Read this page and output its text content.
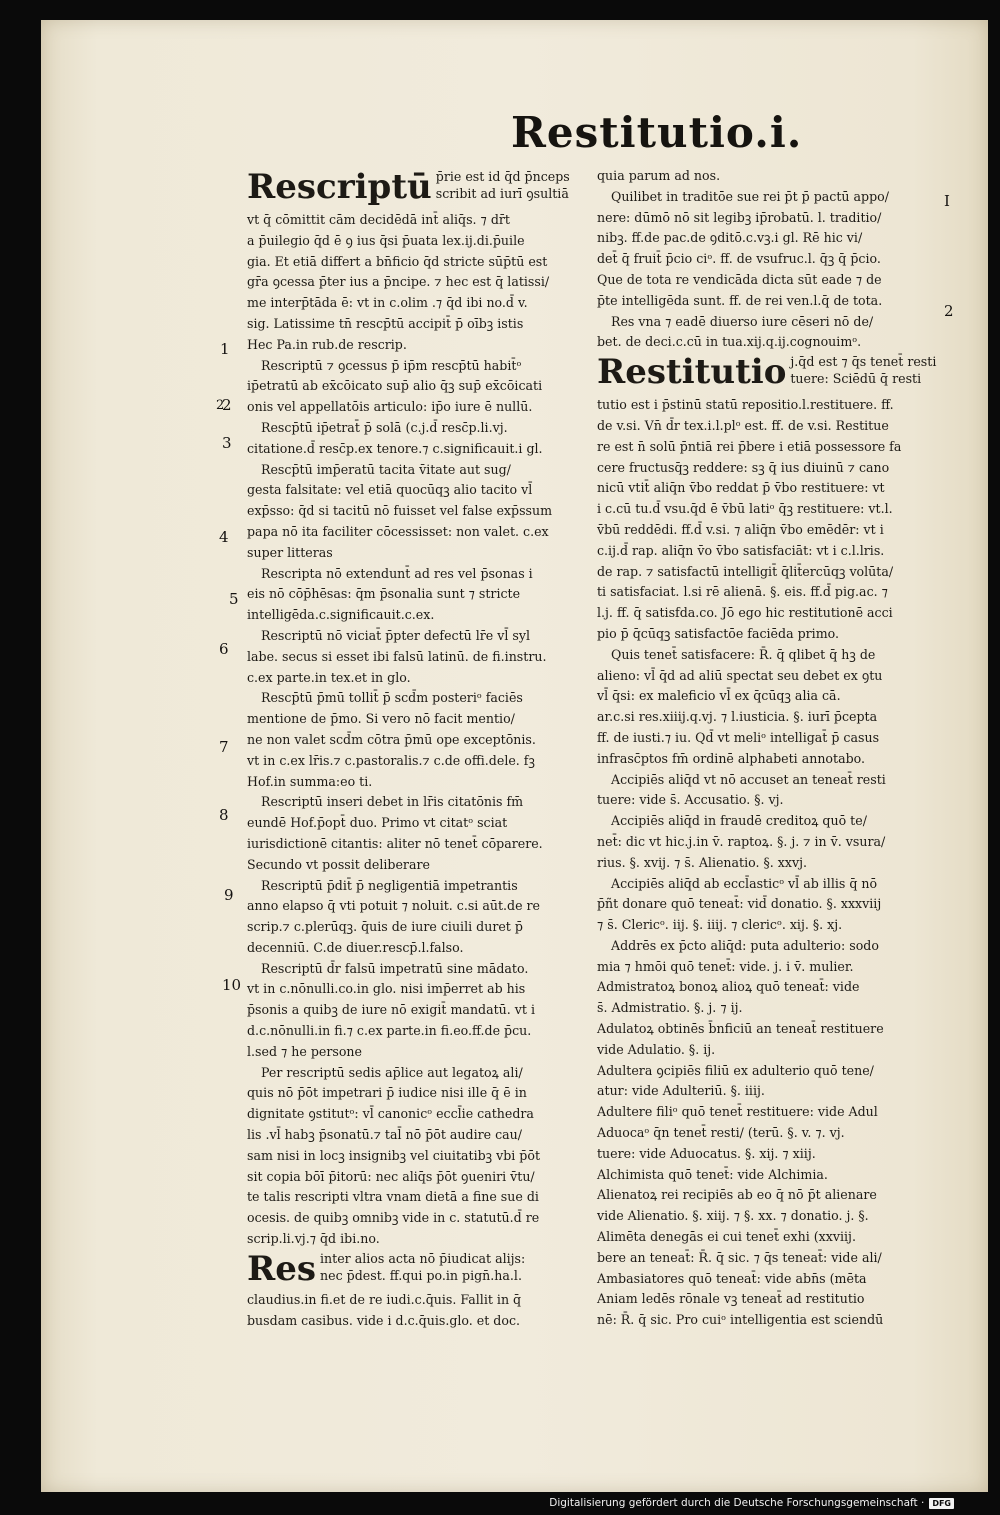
Restitutio.i.
I
2
2
1
2
3
4
5
6
7
8
9
10
Rescriptū p̄rie est id q̄d p̄nceps
scribit ad iurī ꝯsultiā
vt q̄ cōmittit cām decidēdā int̄ aliq̄s. ⁊ dr̄t
a p̄uilegio q̄d ē ꝯ ius q̄si p̄uata lex.ij.di.p̄uile
gia. Et etiā differt a bn̄ficio q̄d stricte sūp̄tū est
gr̄a ꝯcessa p̄ter ius a p̄ncipe. ⁊ hec est q̄ latissi/
me interp̄tāda ē: vt in c.olim .⁊ q̄d ibi no.d̄ v.
sig. Latissime tn̄ rescp̄tū accipit̄ p̄ oībꝫ istis
Hec Pa.in rub.de rescrip.
Rescriptū ⁊ ꝯcessus p̄ ip̄m rescp̄tū habit̄ᵒ
ip̄etratū ab ex̄cōicato sup̄ alio q̄ꝫ sup̄ ex̄cōicati
onis vel appellatōis articulo: ip̄o iure ē nullū.
Rescp̄tū ip̄etrat̄ p̄ solā (c.j.d̄ resc̄p.li.vj.
citatione.d̄ resc̄p.ex tenore.⁊ c.significauit.i gl.
Rescp̄tū imp̄eratū tacita v̄itate aut sug/
gesta falsitate: vel etiā quocūqꝫ alio tacito vl̄
exp̄sso: q̄d si tacitū nō fuisset vel false exp̄ssum
papa nō ita faciliter cōcessisset: non valet. c.ex
super litteras
Rescripta nō extendunt̄ ad res vel p̄sonas i
eis nō cōp̄hēsas: q̄m p̄sonalia sunt ⁊ stricte
intelligēda.c.significauit.c.ex.
Rescriptū nō viciat̄ p̄pter defectū lr̄e vl̄ syl
labe. secus si esset ibi falsū latinū. de fi.instru.
c.ex parte.in tex.et in glo.
Rescp̄tū p̄mū tollit̄ p̄ scd̄m posteriᵒ faciēs
mentione de p̄mo. Si vero nō facit mentio/
ne non valet scd̄m cōtra p̄mū ope exceptōnis.
vt in c.ex lr̄is.⁊ c.pastoralis.⁊ c.de offi.dele. fꝫ
Hof.in summa:eo ti.
Rescriptū inseri debet in lr̄is citatōnis fm̄
eundē Hof.p̄opt̄ duo. Primo vt citatᵒ sciat
iurisdictionē citantis: aliter nō tenet̄ cōparere.
Secundo vt possit deliberare
Rescriptū p̄dit̄ p̄ negligentiā impetrantis
anno elapso q̄ vti potuit ⁊ noluit. c.si aūt.de re
scrip.⁊ c.plerūqꝫ. q̄uis de iure ciuili duret p̄
decenniū. C.de diuer.rescp̄.l.falso.
Rescriptū d̄r falsū impetratū sine mādato.
vt in c.nōnulli.co.in glo. nisi imp̄erret ab his
p̄sonis a quibꝫ de iure nō exigit̄ mandatū. vt i
d.c.nōnulli.in fi.⁊ c.ex parte.in fi.eo.ff.de p̄cu.
l.sed ⁊ he persone
Per rescriptū sedis ap̄lice aut legatoꝝ ali/
quis nō p̄ōt impetrari p̄ iudice nisi ille q̄ ē in
dignitate ꝯstitutᵒ: vl̄ canonicᵒ eccl̄ie cathedra
lis .vl̄ habꝫ p̄sonatū.⁊ tal̄ nō p̄ōt audire cau/
sam nisi in locꝫ insignibꝫ vel ciuitatibꝫ vbi p̄ōt
sit copia bōī p̄itorū: nec aliq̄s p̄ōt ꝯueniri v̄tu/
te talis rescripti vltra vnam dietā a fine sue di
ocesis. de quibꝫ omnibꝫ vide in c. statutū.d̄ re
scrip.li.vj.⁊ q̄d ibi.no.
Res inter alios acta nō p̄iudicat alijs:
nec p̄dest. ff.qui po.in pign̄.ha.l.
claudius.in fi.et de re iudi.c.q̄uis. Fallit in q̄
busdam casibus. vide i d.c.q̄uis.glo. et doc.
quia parum ad nos.
Quilibet in traditōe sue rei p̄t p̄ pactū appo/
nere: dūmō nō sit legibꝫ ip̄robatū. l. traditio/
nibꝫ. ff.de pac.de ꝯditō.c.vꝫ.i gl. Rē hic vi/
det̄ q̄ fruit̄ p̄cio ciᵒ. ff. de vsufruc.l. q̄ꝫ q̄ p̄cio.
Que de tota re vendicāda dicta sūt eade ⁊ de
p̄te intelligēda sunt. ff. de rei ven.l.q̄ de tota.
Res vna ⁊ eadē diuerso iure cēseri nō de/
bet. de deci.c.cū in tua.xij.q.ij.cognouimᵒ.
Restitutio j.q̄d est ⁊ q̄s tenet̄ resti
tuere: Sciēdū q̄ resti
tutio est i p̄stinū statū repositio.l.restituere. ff.
de v.si. Vn̄ d̄r tex.i.l.plᵒ est. ff. de v.si. Restitue
re est n̄ solū p̄ntiā rei p̄bere i etiā possessore fa
cere fructusq̄ꝫ reddere: sꝫ q̄ ius diuinū ⁊ cano
nicū vtit̄ aliq̄n v̄bo reddat p̄ v̄bo restituere: vt
i c.cū tu.d̄ vsu.q̄d ē v̄bū latiᵒ q̄ꝫ restituere: vt.l.
v̄bū reddēdi. ff.d̄ v.si. ⁊ aliq̄n v̄bo emēdēr: vt i
c.ij.d̄ rap. aliq̄n v̄o v̄bo satisfaciāt: vt i c.l.lris.
de rap. ⁊ satisfactū intelligit̄ q̄lit̄ercūqꝫ volūta/
ti satisfaciat. l.si rē alienā. §. eis. ff.d̄ pig.ac. ⁊
l.j. ff. q̄ satisfda.co. Jō ego hic restitutionē acci
pio p̄ q̄cūqꝫ satisfactōe faciēda primo.
Quis tenet̄ satisfacere: R̄. q̄ qlibet q̄ hꝫ de
alieno: vl̄ q̄d ad aliū spectat seu debet ex ꝯtu
vl̄ q̄si: ex maleficio vl̄ ex q̄cūqꝫ alia cā.
ar.c.si res.xiiij.q.vj. ⁊ l.iusticia. §. iurī p̄cepta
ff. de iusti.⁊ iu. Qd̄ vt meliᵒ intelligat̄ p̄ casus
infrasc̄ptos fm̄ ordinē alphabeti annotabo.
Accipiēs aliq̄d vt nō accuset an teneat̄ resti
tuere: vide s̄. Accusatio. §. vj.
Accipiēs aliq̄d in fraudē creditoꝝ quō te/
net̄: dic vt hic.j.in v̄. raptoꝝ. §. j. ⁊ in v̄. vsura/
rius. §. xvij. ⁊ s̄. Alienatio. §. xxvj.
Accipiēs aliq̄d ab eccl̄asticᵒ vl̄ ab illis q̄ nō
p̄ñt donare quō teneat̄: vid̄ donatio. §. xxxviij
⁊ s̄. Clericᵒ. iij. §. iiij. ⁊ clericᵒ. xij. §. xj.
Addrēs ex p̄cto aliq̄d: puta adulterio: sodo
mia ⁊ hmōi quō tenet̄: vide. j. i v̄. mulier.
Admistratoꝝ bonoꝝ alioꝝ quō teneat̄: vide
s̄. Admistratio. §. j. ⁊ ij.
Adulatoꝝ obtinēs b̄nficiū an teneat̄ restituere
vide Adulatio. §. ij.
Adultera ꝯcipiēs filiū ex adulterio quō tene/
atur: vide Adulteriū. §. iiij.
Adultere filiᵒ quō tenet̄ restituere: vide Adul
Aduocaᵒ q̄n tenet̄ resti/ (terū. §. v. ⁊. vj.
tuere: vide Aduocatus. §. xij. ⁊ xiij.
Alchimista quō tenet̄: vide Alchimia.
Alienatoꝝ rei recipiēs ab eo q̄ nō p̄t alienare
vide Alienatio. §. xiij. ⁊ §. xx. ⁊ donatio. j. §.
Alimēta denegās ei cui tenet̄ exhi (xxviij.
bere an teneat̄: R̄. q̄ sic. ⁊ q̄s teneat̄: vide ali/
Ambasiatores quō teneat̄: vide abn̄s (mēta
Aniam ledēs rōnale vꝫ teneat̄ ad restitutio
nē: R̄. q̄ sic. Pro cuiᵒ intelligentia est sciendū
Digitalisierung gefördert durch die Deutsche Forschungsgemeinschaft ·	DFG
